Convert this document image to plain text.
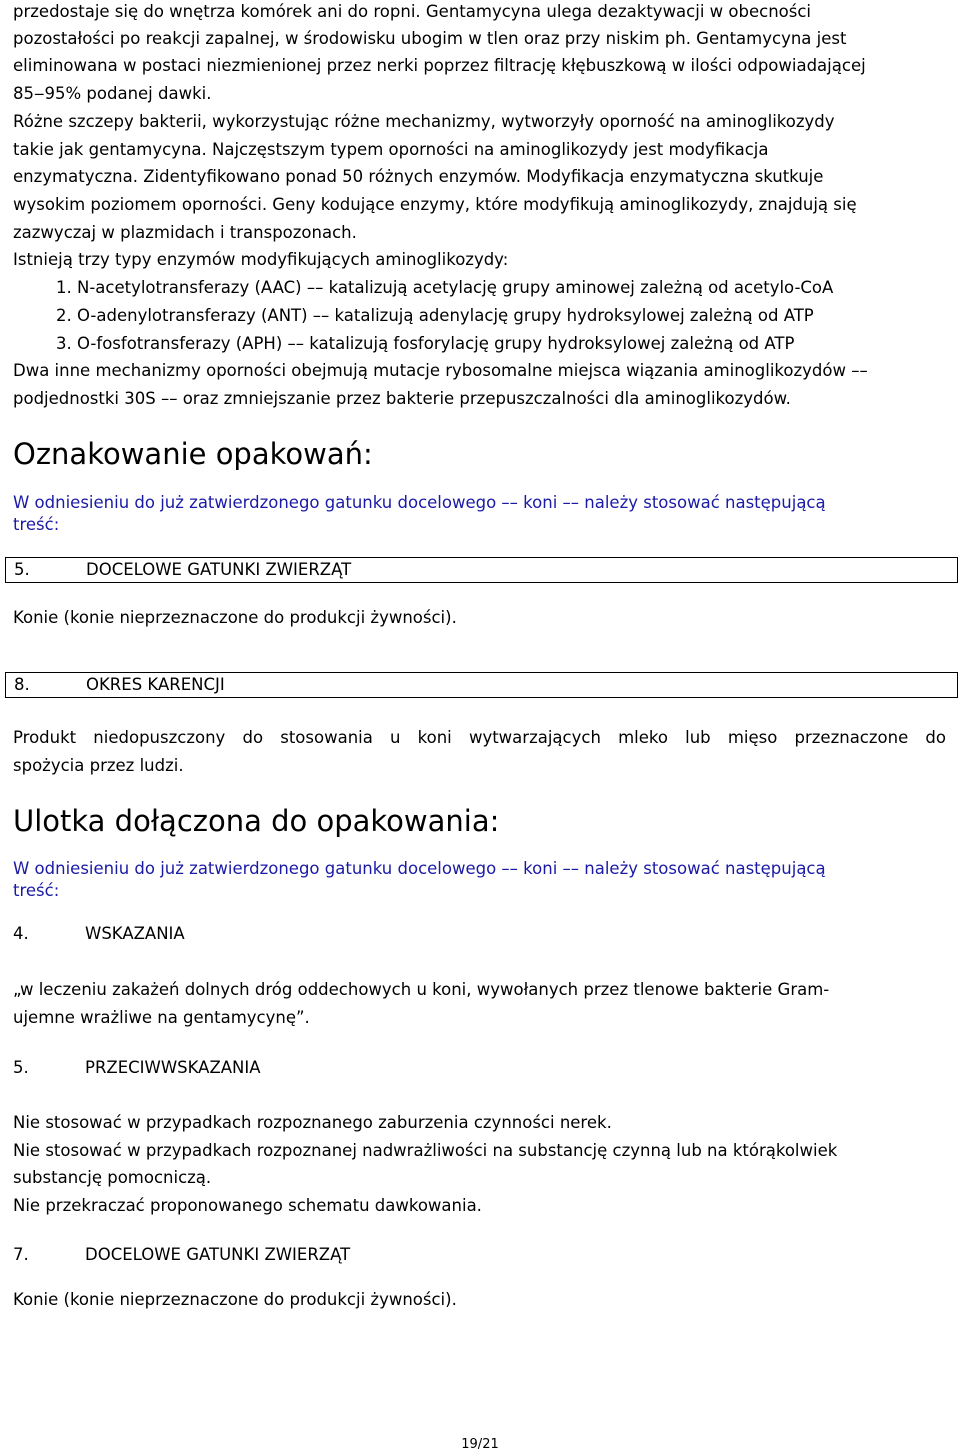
przedostaje się do wnętrza komórek ani do ropni. Gentamycyna ulega dezaktywacji w obecności
pozostałości po reakcji zapalnej, w środowisku ubogim w tlen oraz przy niskim ph. Gentamycyna jest
eliminowana w postaci niezmienionej przez nerki poprzez filtrację kłębuszkową w ilości odpowiadającej
85‒95% podanej dawki.
Różne szczepy bakterii, wykorzystując różne mechanizmy, wytworzyły oporność na aminoglikozydy
takie jak gentamycyna. Najczęstszym typem oporności na aminoglikozydy jest modyfikacja
enzymatyczna. Zidentyfikowano ponad 50 różnych enzymów. Modyfikacja enzymatyczna skutkuje
wysokim poziomem oporności. Geny kodujące enzymy, które modyfikują aminoglikozydy, znajdują się
zazwyczaj w plazmidach i transpozonach.
Istnieją trzy typy enzymów modyfikujących aminoglikozydy:
1. N-acetylotransferazy (AAC) –– katalizują acetylację grupy aminowej zależną od acetylo-CoA
2. O-adenylotransferazy (ANT) –– katalizują adenylację grupy hydroksylowej zależną od ATP
3. O-fosfotransferazy (APH) –– katalizują fosforylację grupy hydroksylowej zależną od ATP
Dwa inne mechanizmy oporności obejmują mutacje rybosomalne miejsca wiązania aminoglikozydów ––
podjednostki 30S –– oraz zmniejszanie przez bakterie przepuszczalności dla aminoglikozydów.
Oznakowanie opakowań:
W odniesieniu do już zatwierdzonego gatunku docelowego –– koni –– należy stosować następującą
treść:
5.	DOCELOWE GATUNKI ZWIERZĄT
Konie (konie nieprzeznaczone do produkcji żywności).
8.	OKRES KARENCJI
Produkt niedopuszczony do stosowania u koni wytwarzających mleko lub mięso przeznaczone do
spożycia przez ludzi.
Ulotka dołączona do opakowania:
W odniesieniu do już zatwierdzonego gatunku docelowego –– koni –– należy stosować następującą
treść:
4.	WSKAZANIA
„w leczeniu zakażeń dolnych dróg oddechowych u koni, wywołanych przez tlenowe bakterie Gram-
ujemne wrażliwe na gentamycynę”.
5.	PRZECIWWSKAZANIA
Nie stosować w przypadkach rozpoznanego zaburzenia czynności nerek.
Nie stosować w przypadkach rozpoznanej nadwrażliwości na substancję czynną lub na którąkolwiek
substancję pomocniczą.
Nie przekraczać proponowanego schematu dawkowania.
7.	DOCELOWE GATUNKI ZWIERZĄT
Konie (konie nieprzeznaczone do produkcji żywności).
19/21
